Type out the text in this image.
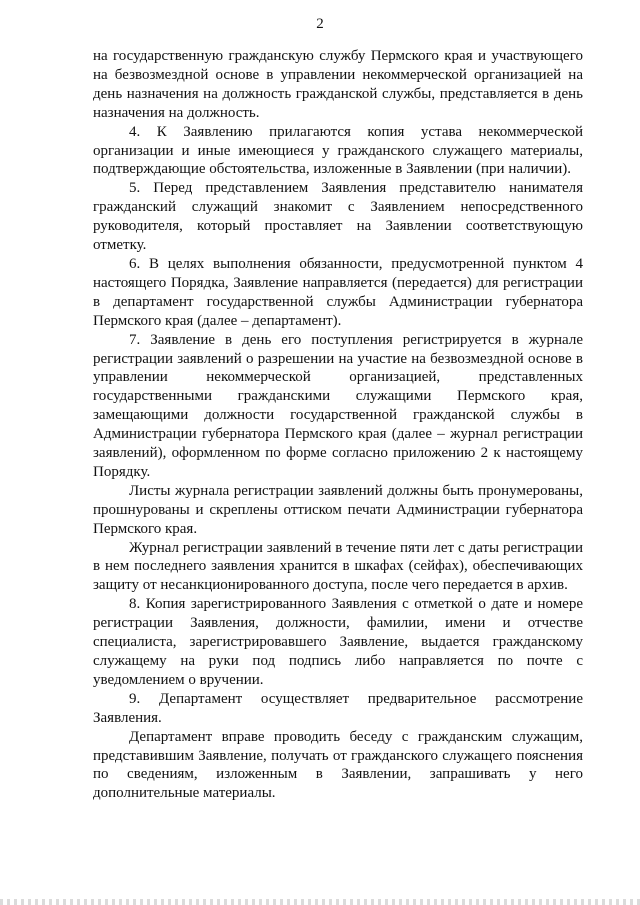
2

на государственную гражданскую службу Пермского края и участвующего на безвозмездной основе в управлении некоммерческой организацией на день назначения на должность гражданской службы, представляется в день назначения на должность.

4. К Заявлению прилагаются копия устава некоммерческой организации и иные имеющиеся у гражданского служащего материалы, подтверждающие обстоятельства, изложенные в Заявлении (при наличии).

5. Перед представлением Заявления представителю нанимателя гражданский служащий знакомит с Заявлением непосредственного руководителя, который проставляет на Заявлении соответствующую отметку.

6. В целях выполнения обязанности, предусмотренной пунктом 4 настоящего Порядка, Заявление направляется (передается) для регистрации в департамент государственной службы Администрации губернатора Пермского края (далее – департамент).

7. Заявление в день его поступления регистрируется в журнале регистрации заявлений о разрешении на участие на безвозмездной основе в управлении некоммерческой организацией, представленных государственными гражданскими служащими Пермского края, замещающими должности государственной гражданской службы в Администрации губернатора Пермского края (далее – журнал регистрации заявлений), оформленном по форме согласно приложению 2 к настоящему Порядку.

Листы журнала регистрации заявлений должны быть пронумерованы, прошнурованы и скреплены оттиском печати Администрации губернатора Пермского края.

Журнал регистрации заявлений в течение пяти лет с даты регистрации в нем последнего заявления хранится в шкафах (сейфах), обеспечивающих защиту от несанкционированного доступа, после чего передается в архив.

8. Копия зарегистрированного Заявления с отметкой о дате и номере регистрации Заявления, должности, фамилии, имени и отчестве специалиста, зарегистрировавшего Заявление, выдается гражданскому служащему на руки под подпись либо направляется по почте с уведомлением о вручении.

9. Департамент осуществляет предварительное рассмотрение Заявления.

Департамент вправе проводить беседу с гражданским служащим, представившим Заявление, получать от гражданского служащего пояснения по сведениям, изложенным в Заявлении, запрашивать у него дополнительные материалы.
